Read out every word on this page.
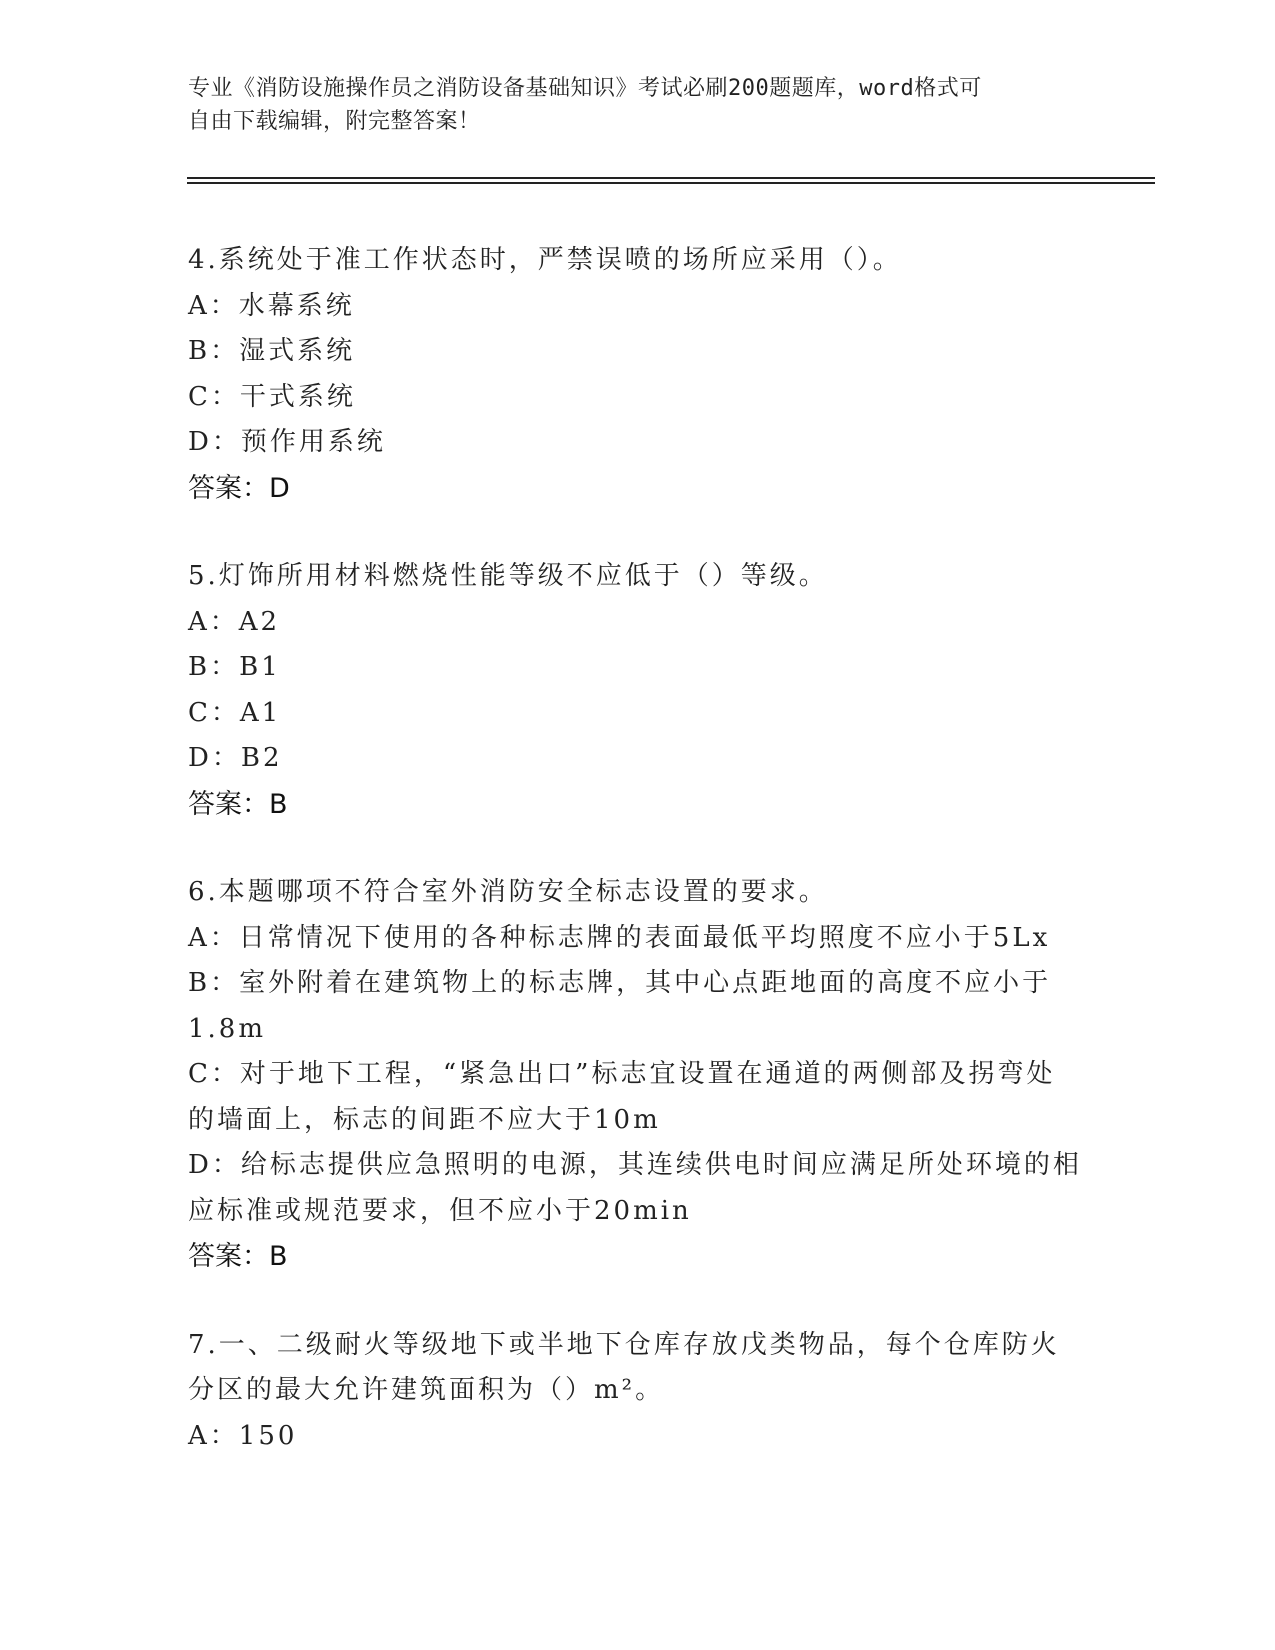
专业《消防设施操作员之消防设备基础知识》考试必刷200题题库，word格式可
自由下载编辑，附完整答案！
4.系统处于准工作状态时，严禁误喷的场所应采用（）。
A：水幕系统
B：湿式系统
C：干式系统
D：预作用系统
答案：D
5.灯饰所用材料燃烧性能等级不应低于（）等级。
A：A2
B：B1
C：A1
D：B2
答案：B
6.本题哪项不符合室外消防安全标志设置的要求。
A：日常情况下使用的各种标志牌的表面最低平均照度不应小于5Lx
B：室外附着在建筑物上的标志牌，其中心点距地面的高度不应小于
1.8m
C：对于地下工程，“紧急出口”标志宜设置在通道的两侧部及拐弯处
的墙面上，标志的间距不应大于10m
D：给标志提供应急照明的电源，其连续供电时间应满足所处环境的相
应标准或规范要求，但不应小于20min
答案：B
7.一、二级耐火等级地下或半地下仓库存放戊类物品，每个仓库防火
分区的最大允许建筑面积为（）m²。
A：150
